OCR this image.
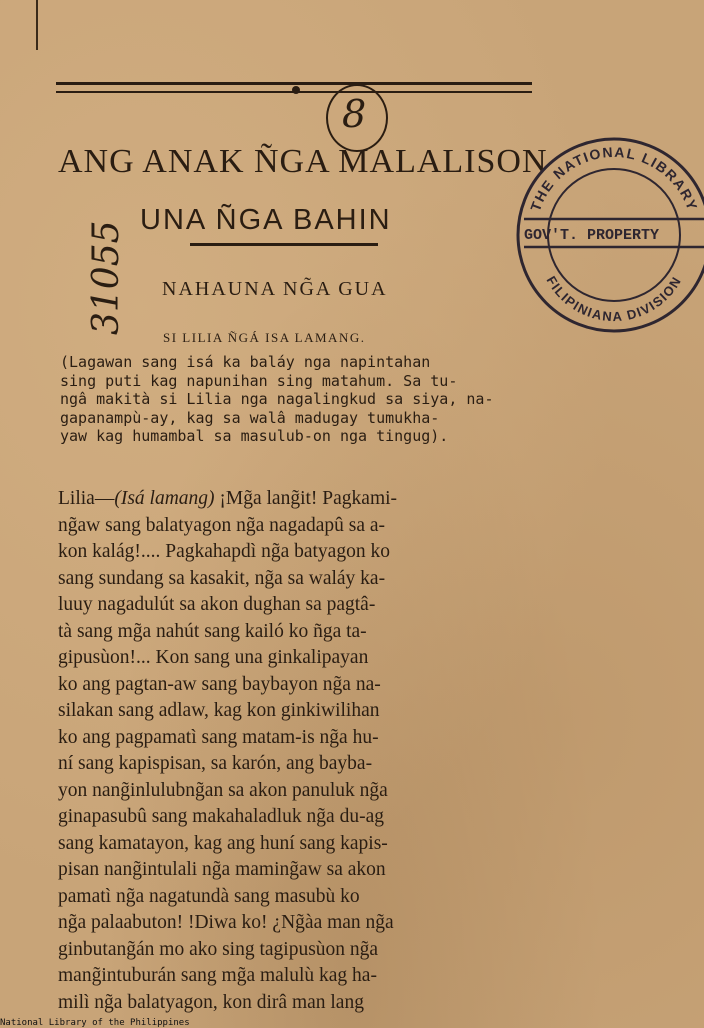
8
ANG ANAK ÑGA MALALISON
UNA ÑGA BAHIN
NAHAUNA NG̃A GUA
SI LILIA ÑGÁ ISA LAMANG.
(Lagawan sang isá ka baláy nga napintahan
sing puti kag napunihan sing matahum. Sa tu-
ngâ makità si Lilia nga nagalingkud sa siya, na-
gapanampù-ay, kag sa walâ madugay tumukha-
yaw kag humambal sa masulub-on nga tingug).
Lilia—(Isá lamang) ¡Mg̃a lang̃it! Pagkami-
ng̃aw sang balatyagon ng̃a nagadapû sa a-
kon kalág!.... Pagkahapdì ng̃a batyagon ko
sang sundang sa kasakit, ng̃a sa waláy ka-
luuy nagadulút sa akon dughan sa pagtâ-
tà sang mg̃a nahút sang kailó ko ñga ta-
gipusùon!... Kon sang una ginkalipayan
ko ang pagtan-aw sang baybayon ng̃a na-
silakan sang adlaw, kag kon ginkiwilihan
ko ang pagpamatì sang matam-is ng̃a hu-
ní sang kapispisan, sa karón, ang bayba-
yon nang̃inlulubng̃an sa akon panuluk ng̃a
ginapasubû sang makahaladluk ng̃a du-ag
sang kamatayon, kag ang huní sang kapis-
pisan nang̃intulali ng̃a maming̃aw sa akon
pamatì ng̃a nagatundà sang masubù ko
ng̃a palaabuton! !Diwa ko! ¿Ng̃àa man ng̃a
ginbutang̃án mo ako sing tagipusùon ng̃a
mang̃intuburán sang mg̃a malulù kag ha-
milì ng̃a balatyagon, kon dirâ man lang
31055
THE NATIONAL LIBRARY
GOV'T. PROPERTY
FILIPINIANA DIVISION
National Library of the Philippines
